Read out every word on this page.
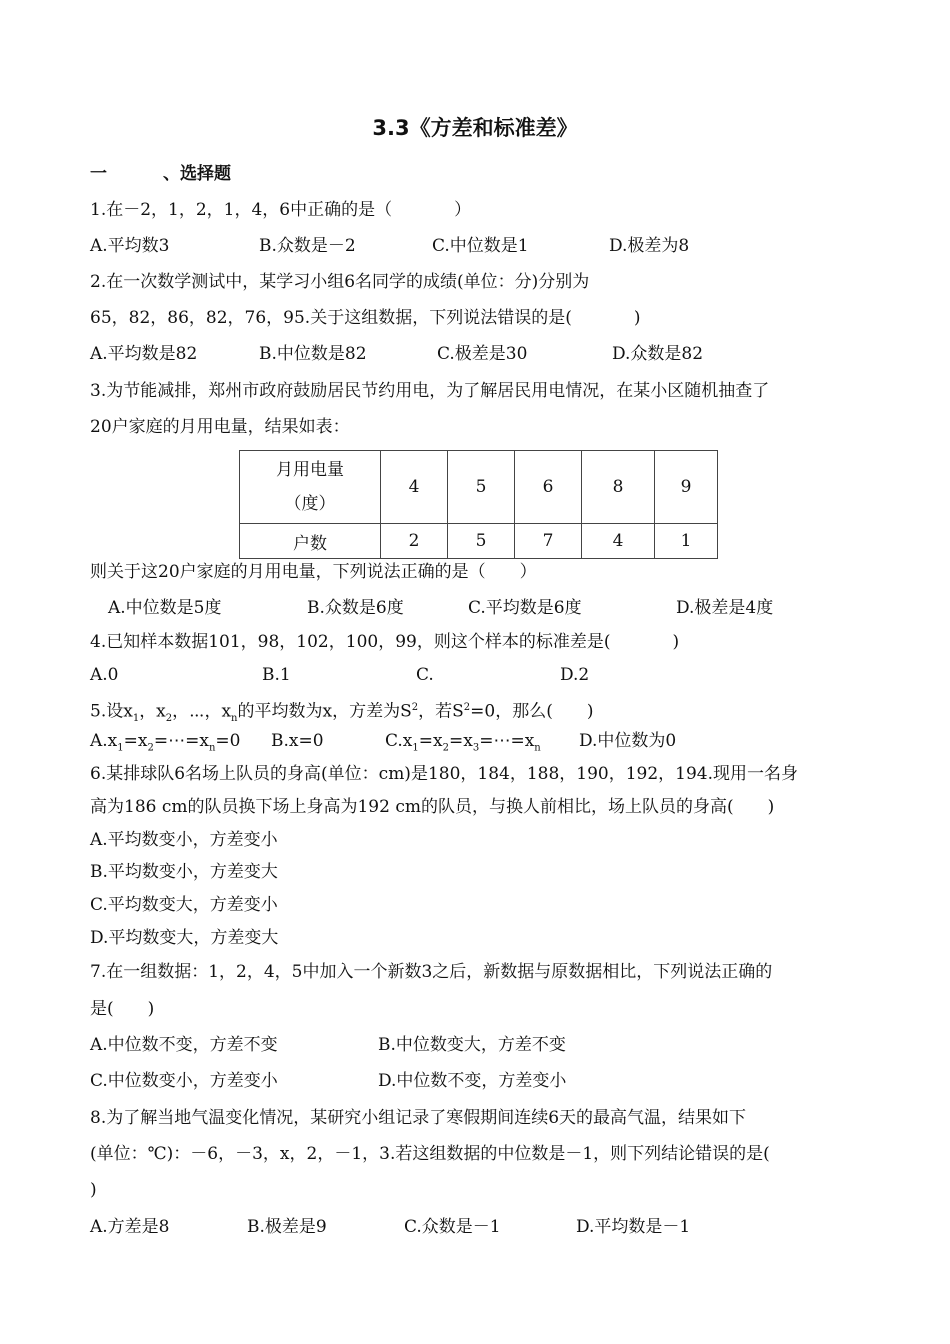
3.3《方差和标准差》
一	、选择题
1.在－2，1，2，1，4，6中正确的是（	）
A.平均数3	B.众数是－2	C.中位数是1	D.极差为8
2.在一次数学测试中，某学习小组6名同学的成绩(单位：分)分别为
65，82，86，82，76，95.关于这组数据，下列说法错误的是(	)
A.平均数是82	B.中位数是82	C.极差是30	D.众数是82
3.为节能减排，郑州市政府鼓励居民节约用电，为了解居民用电情况，在某小区随机抽查了
20户家庭的月用电量，结果如表：
月用电量
（度）	4	5	6	8	9
户数	2	5	7	4	1
则关于这20户家庭的月用电量，下列说法正确的是（　　）
A.中位数是5度	B.众数是6度	C.平均数是6度	D.极差是4度
4.已知样本数据101，98，102，100，99，则这个样本的标准差是(	)
A.0	B.1	C.	D.2
5.设$x_1$，$x_2$，⋯，$x_n$的平均数为x，方差为$S^2$，若$S^2=0$，那么(　　)
$A.x_1=x_2=\cdots=x_n=0$ B.x=0	$C.x_1=x_2=x_3=\cdots=x_n$ D.中位数为0
6.某排球队6名场上队员的身高(单位：cm)是180，184，188，190，192，194.现用一名身
高为186 cm的队员换下场上身高为192 cm的队员，与换人前相比，场上队员的身高(　　)
A.平均数变小，方差变小
B.平均数变小，方差变大
C.平均数变大，方差变小
D.平均数变大，方差变大
7.在一组数据：1，2，4，5中加入一个新数3之后，新数据与原数据相比，下列说法正确的
是(　　)
A.中位数不变，方差不变	B.中位数变大，方差不变
C.中位数变小，方差变小	D.中位数不变，方差变小
8.为了解当地气温变化情况，某研究小组记录了寒假期间连续6天的最高气温，结果如下
(单位：℃)：－6，－3，x，2，－1，3.若这组数据的中位数是－1，则下列结论错误的是(
)
A.方差是8	B.极差是9	C.众数是－1	D.平均数是－1
